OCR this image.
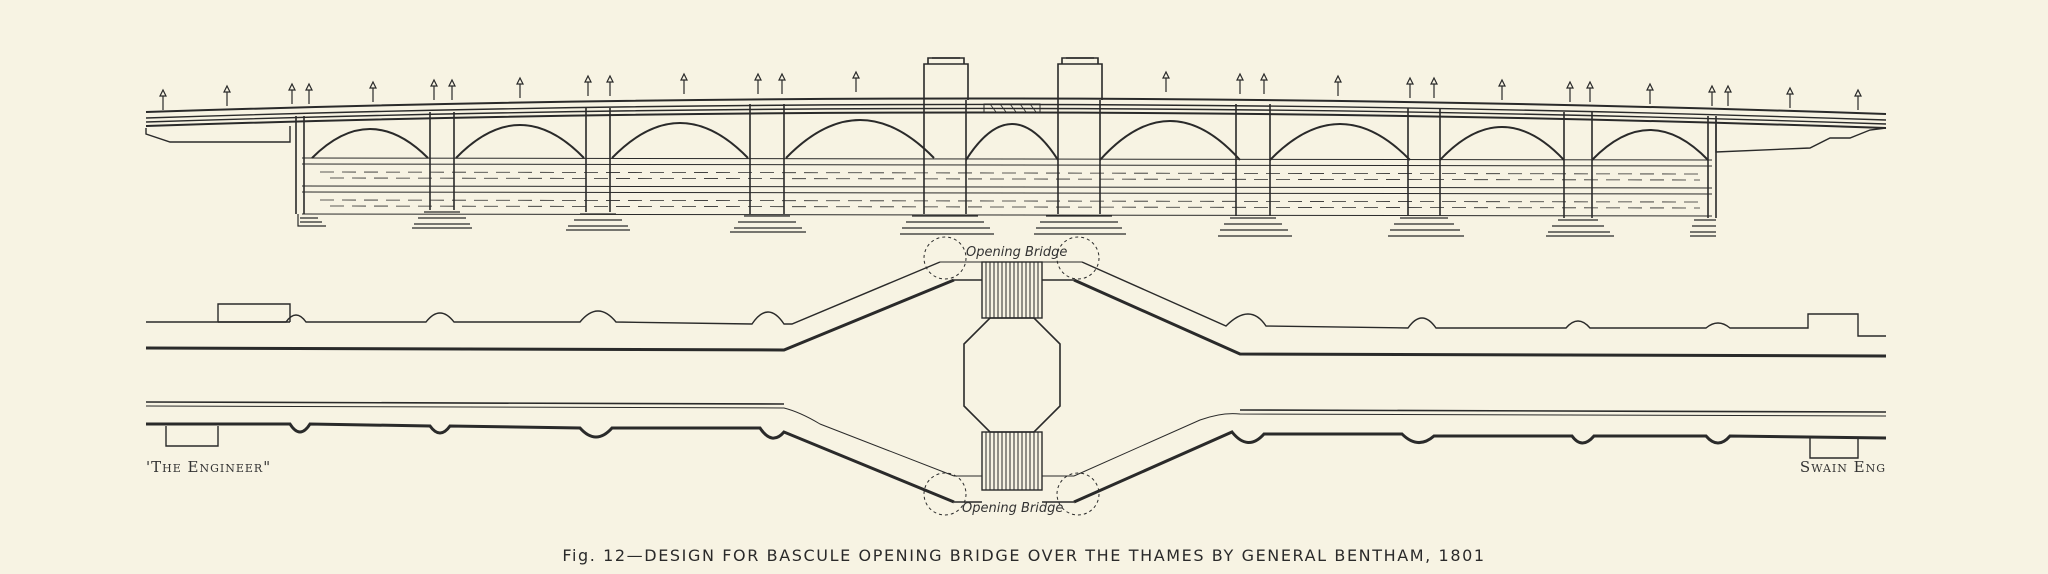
Opening Bridge
Opening Bridge
'The Engineer"	Swain Eng
Fig. 12—DESIGN FOR BASCULE OPENING BRIDGE OVER THE THAMES BY GENERAL BENTHAM, 1801
